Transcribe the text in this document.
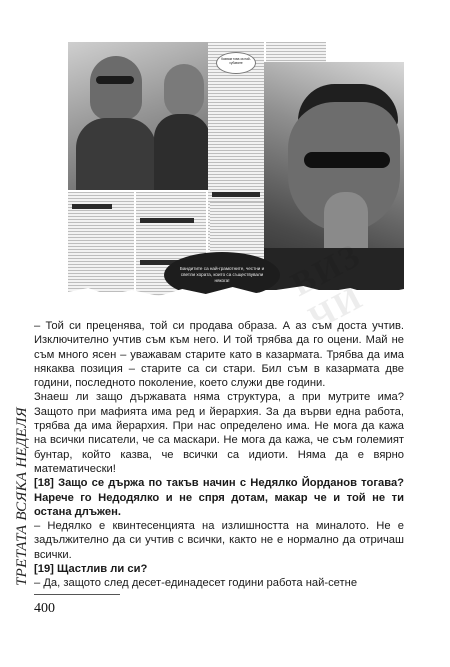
Казвам това за най-хубавите
Бандитите са най-грамотните, честни и светли хората, които са съществували някога!	ЧИ
ТРЕТАТА ВСЯКА НЕДЕЛЯ

– Той си преценява, той си продава образа. А аз съм доста учтив. Изключително учтив съм към него. И той трябва да го оцени. Май не съм много ясен – уважавам старите като в казармата. Трябва да има някаква позиция – старите са си стари. Бил съм в казармата две години, последното поколение, което служи две години.

Знаеш ли защо държавата няма структура, а при мутрите има? Защото при мафията има ред и йерархия. За да върви една работа, трябва да има йерархия. При нас определено има. Не мога да кажа на всички писатели, че са маскари. Не мога да кажа, че съм големият бунтар, който казва, че всички са идиоти. Няма да е вярно математически!

[18] Защо се държа по такъв начин с Недялко Йорданов тогава? Нарече го Недодялко и не спря дотам, макар че и той не ти остана длъжен.

– Недялко е квинтесенцията на излишността на миналото. Не е задължително да си учтив с всички, както не е нормално да отричаш всички.

[19] Щастлив ли си?

– Да, защото след десет-единадесет години работа най-сетне

400
